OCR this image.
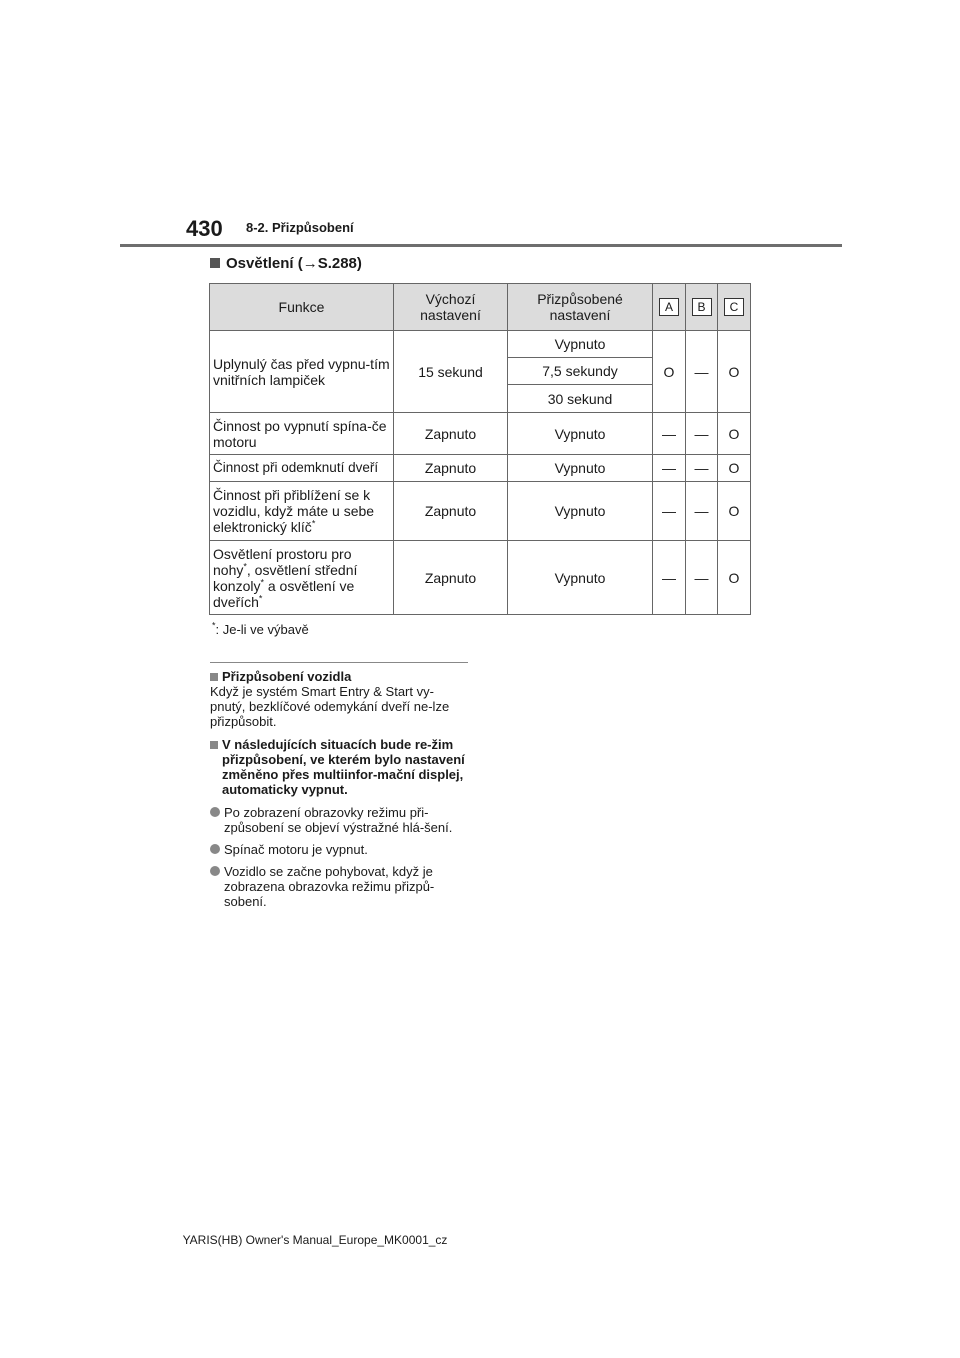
430 8-2. Přizpůsobení
Osvětlení (→S.288)
Funkce	Výchozí nastavení	Přizpůsobené nastavení	A	B	C
Uplynulý čas před vypnu-tím vnitřních lampiček	15 sekund	Vypnuto	O	—	O
		7,5 sekundy			
		30 sekund			
Činnost po vypnutí spína-če motoru	Zapnuto	Vypnuto	—	—	O
Činnost při odemknutí dveří	Zapnuto	Vypnuto	—	—	O
Činnost při přiblížení se k vozidlu, když máte u sebe elektronický klíč*	Zapnuto	Vypnuto	—	—	O
Osvětlení prostoru pro nohy*, osvětlení střední konzoly* a osvětlení ve dveřích*	Zapnuto	Vypnuto	—	—	O
*: Je-li ve výbavě

Přizpůsobení vozidla

Když je systém Smart Entry & Start vy-pnutý, bezklíčové odemykání dveří ne-lze přizpůsobit.

V následujících situacích bude re-žim přizpůsobení, ve kterém bylo nastavení změněno přes multiinfor-mační displej, automaticky vypnut.

Po zobrazení obrazovky režimu při-způsobení se objeví výstražné hlá-šení.
Spínač motoru je vypnut.
Vozidlo se začne pohybovat, když je zobrazena obrazovka režimu přizpů-sobení.
YARIS(HB) Owner's Manual_Europe_MK0001_cz
